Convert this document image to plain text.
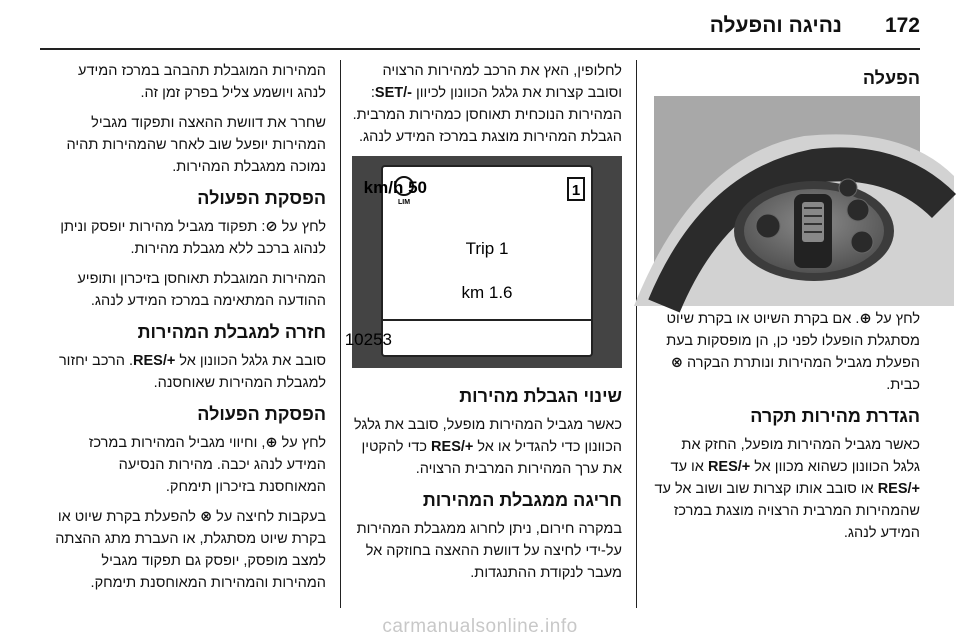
172
נהיגה והפעלה
הפעלה

לחץ על ⊕. אם בקרת השיוט או בקרת שיוט מסתגלת הופעלו לפני כן, הן מופסקות בעת הפעלת מגביל המהירות ונותרת הבקרה ⊗ כבית.

הגדרת מהירות תקרה

כאשר מגביל המהירות מופעל, החזק את גלגל הכוונון כשהוא מכוון אל RES/+ או עד RES/+ או סובב אותו קצרות שוב ושוב אל עד שהמהירות המרבית הרצויה מוצגת במרכז המידע לנהג.

לחלופין, האץ את הרכב למהירות הרצויה וסובב קצרות את גלגל הכוונון לכיוון SET/-: המהירות הנוכחית תאוחסן כמהירות המרבית. הגבלת המהירות מוצגת במרכז המידע לנהג.

LIM
50 km/h	1
Trip 1
1.6 km
10253
שינוי הגבלת מהירות

כאשר מגביל המהירות מופעל, סובב את גלגל הכוונון כדי להגדיל או אל RES/+ כדי להקטין את ערך המהירות המרבית הרצויה.

חריגה ממגבלת המהירות

במקרה חירום, ניתן לחרוג ממגבלת המהירות על-ידי לחיצה על דוושת ההאצה בחוזקה אל מעבר לנקודת ההתנגדות.

המהירות המוגבלת תהבהב במרכז המידע לנהג ויושמע צליל בפרק זמן זה.

שחרר את דוושת ההאצה ותפקוד מגביל המהירות יופעל שוב לאחר שהמהירות תהיה נמוכה ממגבלת המהירות.

הפסקת הפעולה

לחץ על ⊘: תפקוד מגביל מהירות יופסק וניתן לנהוג ברכב ללא מגבלת מהירות.

המהירות המוגבלת תאוחסן בזיכרון ותופיע ההודעה המתאימה במרכז המידע לנהג.

חזרה למגבלת המהירות

סובב את גלגל הכוונון אל RES/+. הרכב יחזור למגבלת המהירות שאוחסנה.

הפסקת הפעולה

לחץ על ⊕, וחיווי מגביל המהירות במרכז המידע לנהג יכבה. מהירות הנסיעה המאוחסנת בזיכרון תימחק.

בעקבות לחיצה על ⊗ להפעלת בקרת שיוט או בקרת שיוט מסתגלת, או העברת מתג ההצתה למצב מופסק, יופסק גם תפקוד מגביל המהירות והמהירות המאוחסנת תימחק.

carmanualsonline.info
